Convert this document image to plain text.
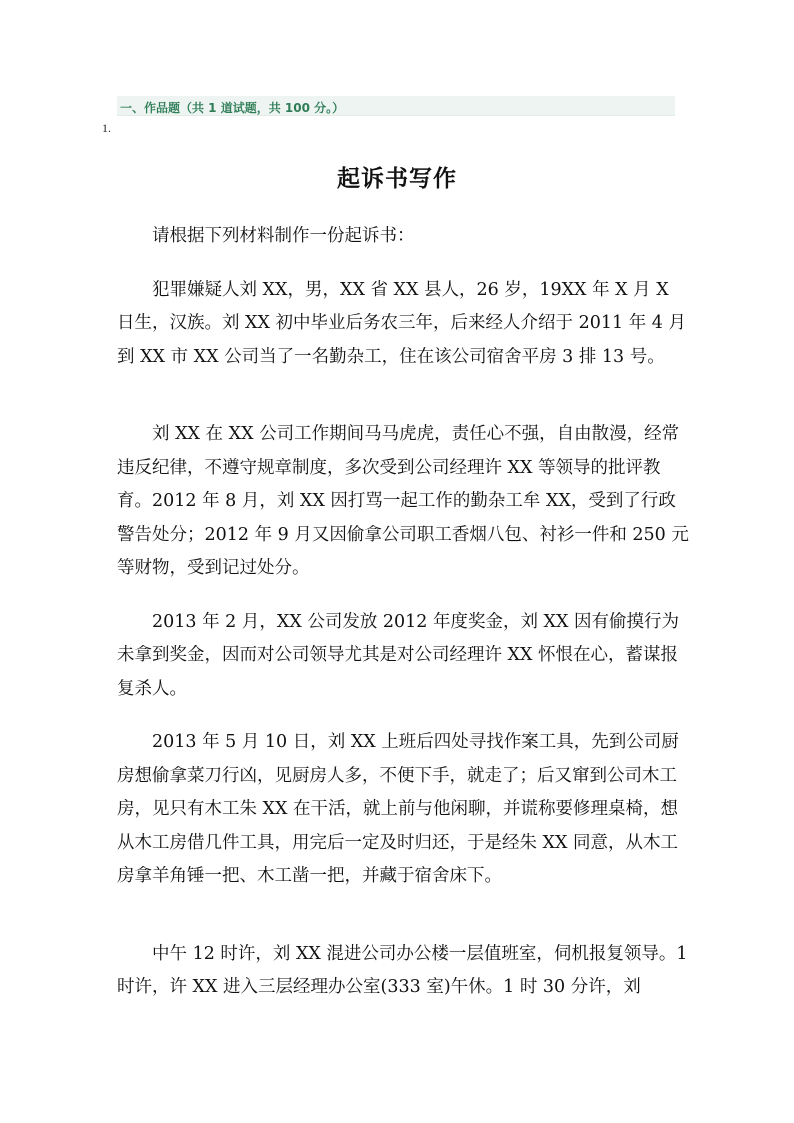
一、作品题（共 1 道试题，共 100 分。）
1.
起诉书写作

请根据下列材料制作一份起诉书：

犯罪嫌疑人刘 XX，男，XX 省 XX 县人，26 岁，19XX 年 X 月 X 日生，汉族。刘 XX 初中毕业后务农三年，后来经人介绍于 2011 年 4 月到 XX 市 XX 公司当了一名勤杂工，住在该公司宿舍平房 3 排 13 号。

刘 XX 在 XX 公司工作期间马马虎虎，责任心不强，自由散漫，经常违反纪律，不遵守规章制度，多次受到公司经理许 XX 等领导的批评教育。2012 年 8 月，刘 XX 因打骂一起工作的勤杂工牟 XX，受到了行政警告处分；2012 年 9 月又因偷拿公司职工香烟八包、衬衫一件和 250 元等财物，受到记过处分。

2013 年 2 月，XX 公司发放 2012 年度奖金，刘 XX 因有偷摸行为未拿到奖金，因而对公司领导尤其是对公司经理许 XX 怀恨在心，蓄谋报复杀人。

2013 年 5 月 10 日，刘 XX 上班后四处寻找作案工具，先到公司厨房想偷拿菜刀行凶，见厨房人多，不便下手，就走了；后又窜到公司木工房，见只有木工朱 XX 在干活，就上前与他闲聊，并谎称要修理桌椅，想从木工房借几件工具，用完后一定及时归还，于是经朱 XX 同意，从木工房拿羊角锤一把、木工凿一把，并藏于宿舍床下。

中午 12 时许，刘 XX 混进公司办公楼一层值班室，伺机报复领导。1 时许，许 XX 进入三层经理办公室(333 室)午休。1 时 30 分许，刘
